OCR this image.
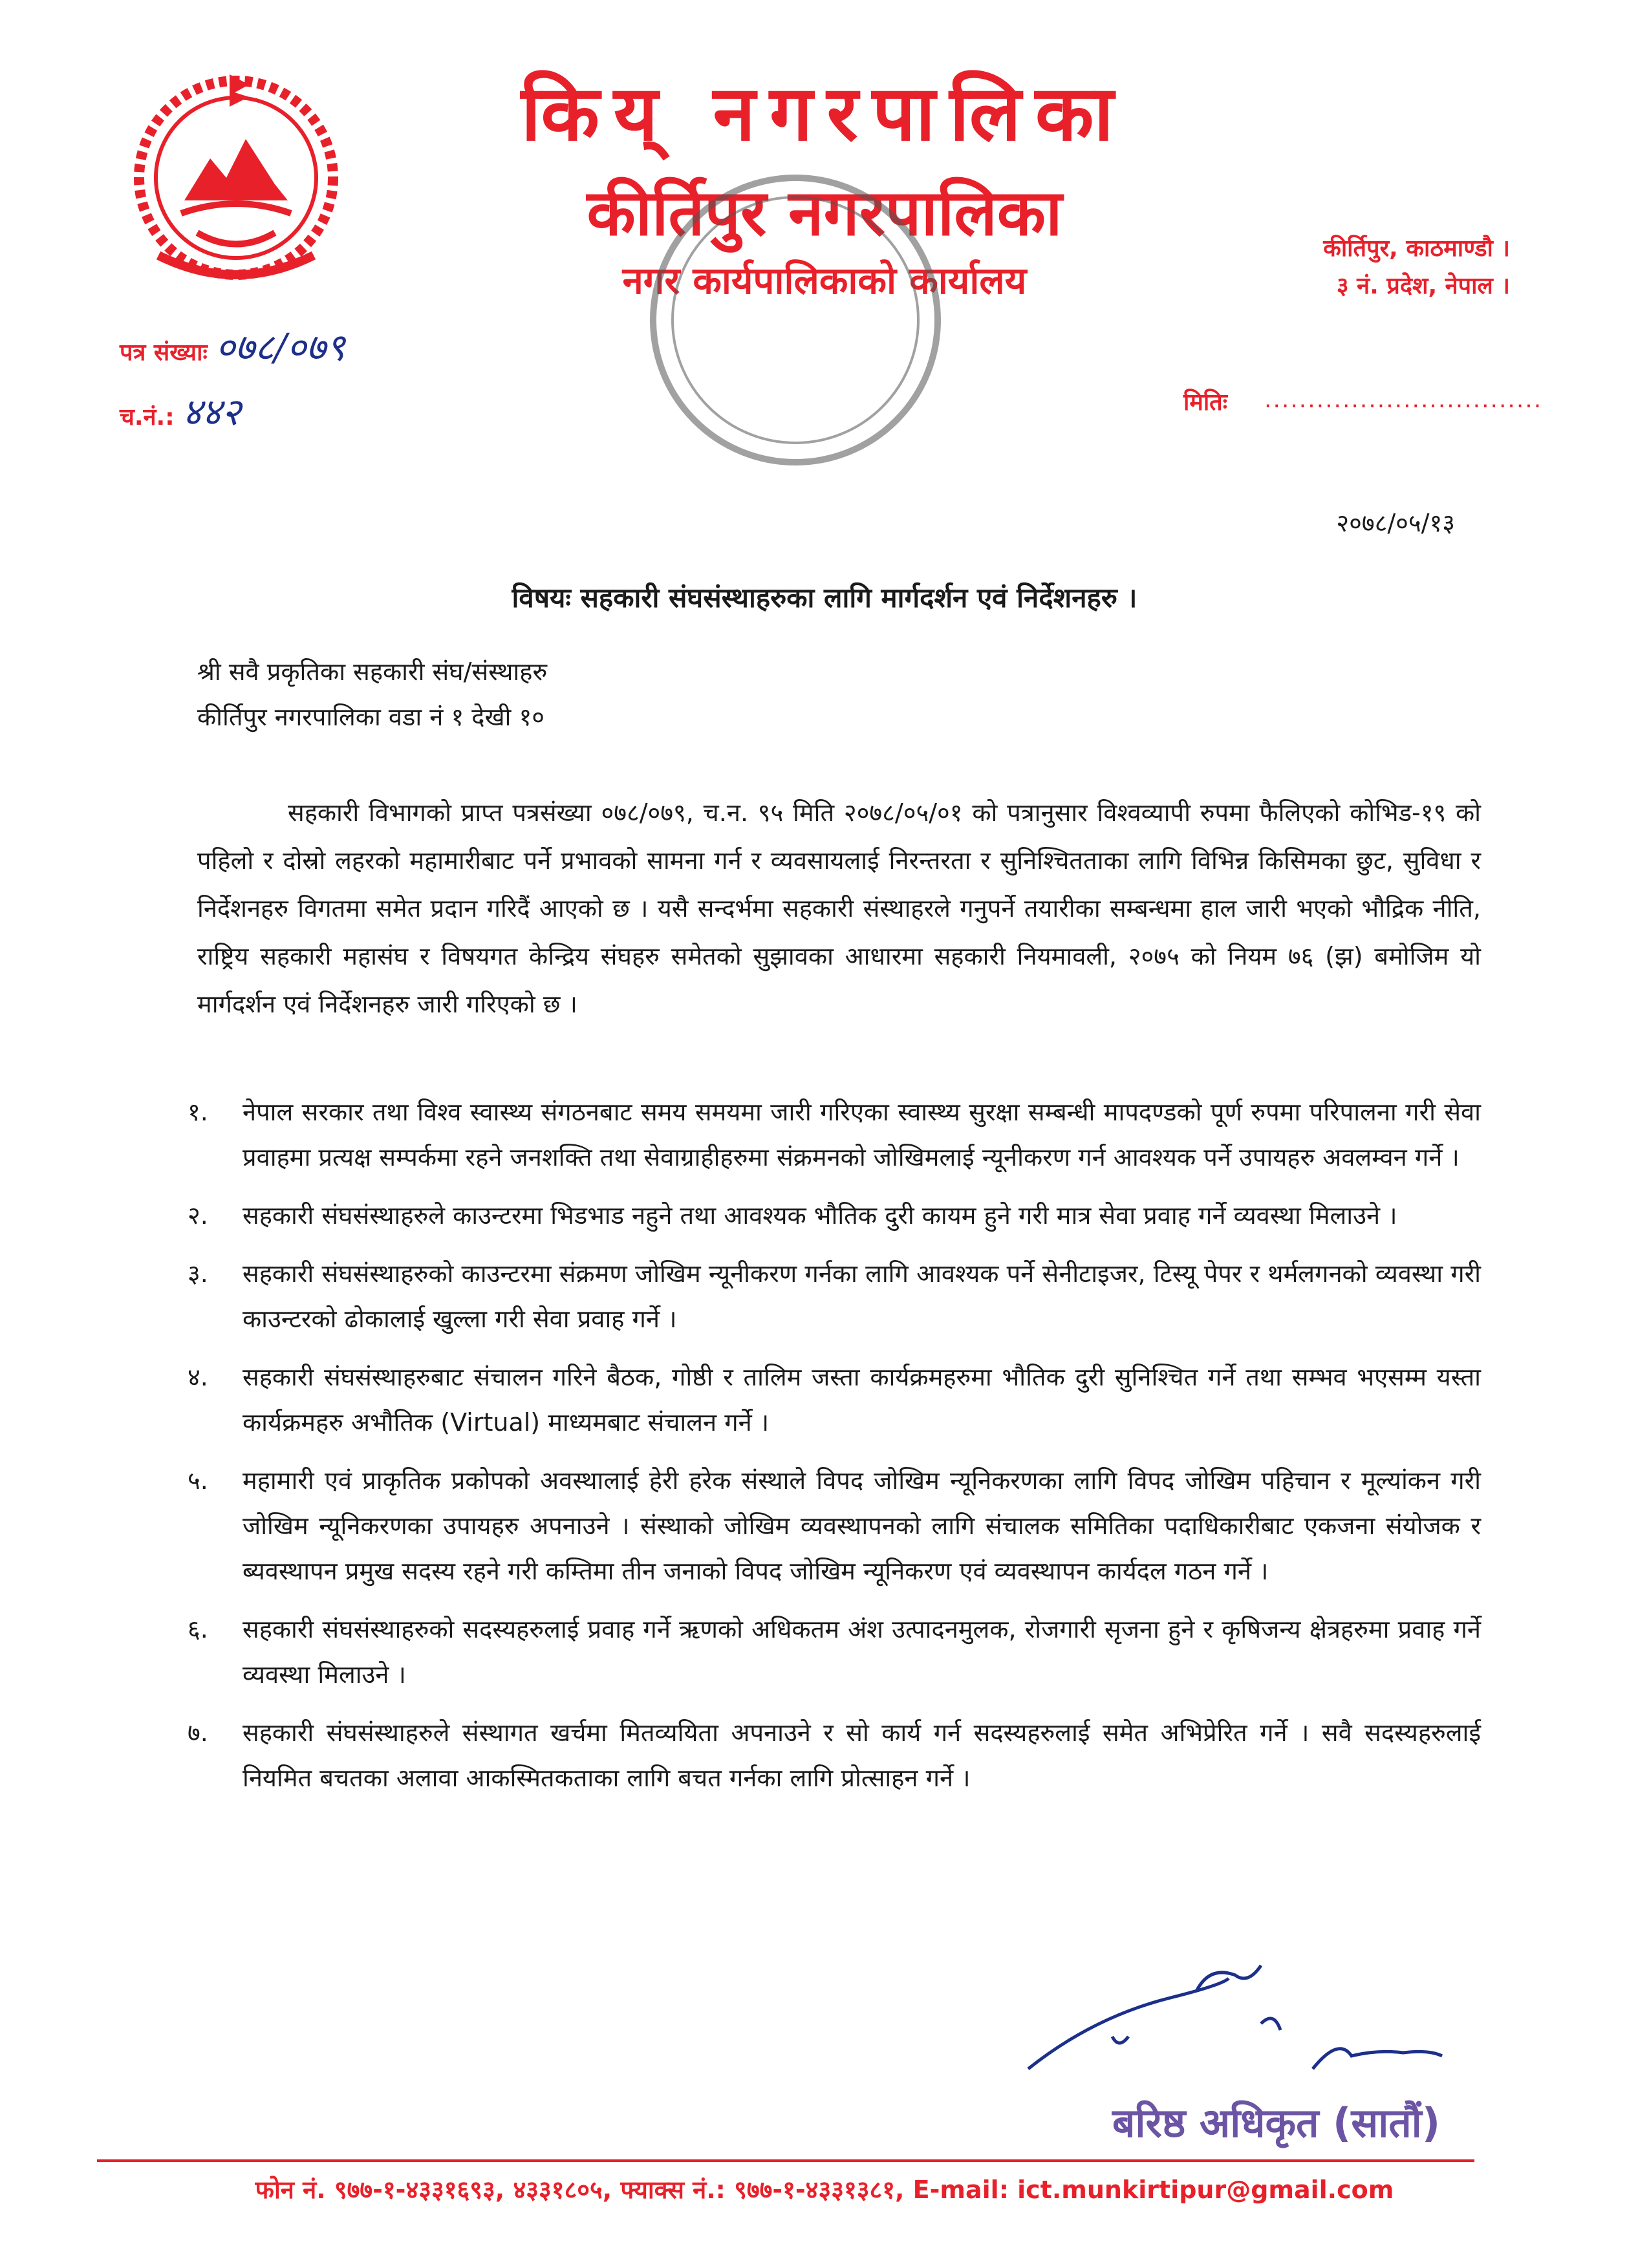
किय् नगरपालिका
कीर्तिपुर नगरपालिका
नगर कार्यपालिकाको कार्यालय
कीर्तिपुर, काठमाण्डौ ।
३ नं. प्रदेश, नेपाल ।
पत्र संख्याः ०७८/०७९
च.नं.: ४४२	मितिः ................................
२०७८/०५/१३
विषयः सहकारी संघसंस्थाहरुका लागि मार्गदर्शन एवं निर्देशनहरु ।
श्री सवै प्रकृतिका सहकारी संघ/संस्थाहरु
कीर्तिपुर नगरपालिका वडा नं १ देखी १०
सहकारी विभागको प्राप्त पत्रसंख्या ०७८/०७९, च.न. ९५ मिति २०७८/०५/०१ को पत्रानुसार विश्वव्यापी रुपमा फैलिएको कोभिड-१९ को पहिलो र दोस्रो लहरको महामारीबाट पर्ने प्रभावको सामना गर्न र व्यवसायलाई निरन्तरता र सुनिश्चितताका लागि विभिन्न किसिमका छुट, सुविधा र निर्देशनहरु विगतमा समेत प्रदान गरिदैं आएको छ । यसै सन्दर्भमा सहकारी संस्थाहरले गनुपर्ने तयारीका सम्बन्धमा हाल जारी भएको भौद्रिक नीति, राष्ट्रिय सहकारी महासंघ र विषयगत केन्द्रिय संघहरु समेतको सुझावका आधारमा सहकारी नियमावली, २०७५ को नियम ७६ (झ) बमोजिम यो मार्गदर्शन एवं निर्देशनहरु जारी गरिएको छ ।
१.	नेपाल सरकार तथा विश्व स्वास्थ्य संगठनबाट समय समयमा जारी गरिएका स्वास्थ्य सुरक्षा सम्बन्धी मापदण्डको पूर्ण रुपमा परिपालना गरी सेवा प्रवाहमा प्रत्यक्ष सम्पर्कमा रहने जनशक्ति तथा सेवाग्राहीहरुमा संक्रमनको जोखिमलाई न्यूनीकरण गर्न आवश्यक पर्ने उपायहरु अवलम्वन गर्ने ।
२.	सहकारी संघसंस्थाहरुले काउन्टरमा भिडभाड नहुने तथा आवश्यक भौतिक दुरी कायम हुने गरी मात्र सेवा प्रवाह गर्ने व्यवस्था मिलाउने ।
३.	सहकारी संघसंस्थाहरुको काउन्टरमा संक्रमण जोखिम न्यूनीकरण गर्नका लागि आवश्यक पर्ने सेनीटाइजर, टिस्यू पेपर र थर्मलगनको व्यवस्था गरी काउन्टरको ढोकालाई खुल्ला गरी सेवा प्रवाह गर्ने ।
४.	सहकारी संघसंस्थाहरुबाट संचालन गरिने बैठक, गोष्ठी र तालिम जस्ता कार्यक्रमहरुमा भौतिक दुरी सुनिश्चित गर्ने तथा सम्भव भएसम्म यस्ता कार्यक्रमहरु अभौतिक (Virtual) माध्यमबाट संचालन गर्ने ।
५.	महामारी एवं प्राकृतिक प्रकोपको अवस्थालाई हेरी हरेक संस्थाले विपद जोखिम न्यूनिकरणका लागि विपद जोखिम पहिचान र मूल्यांकन गरी जोखिम न्यूनिकरणका उपायहरु अपनाउने । संस्थाको जोखिम व्यवस्थापनको लागि संचालक समितिका पदाधिकारीबाट एकजना संयोजक र ब्यवस्थापन प्रमुख सदस्य रहने गरी कम्तिमा तीन जनाको विपद जोखिम न्यूनिकरण एवं व्यवस्थापन कार्यदल गठन गर्ने ।
६.	सहकारी संघसंस्थाहरुको सदस्यहरुलाई प्रवाह गर्ने ऋणको अधिकतम अंश उत्पादनमुलक, रोजगारी सृजना हुने र कृषिजन्य क्षेत्रहरुमा प्रवाह गर्ने व्यवस्था मिलाउने ।
७.	सहकारी संघसंस्थाहरुले संस्थागत खर्चमा मितव्ययिता अपनाउने र सो कार्य गर्न सदस्यहरुलाई समेत अभिप्रेरित गर्ने । सवै सदस्यहरुलाई नियमित बचतका अलावा आकस्मितकताका लागि बचत गर्नका लागि प्रोत्साहन गर्ने ।
बरिष्ठ अधिकृत (सातौं)
फोन नं. ९७७-१-४३३१६९३, ४३३१८०५, फ्याक्स नं.: ९७७-१-४३३१३८१, E-mail: ict.munkirtipur@gmail.com
